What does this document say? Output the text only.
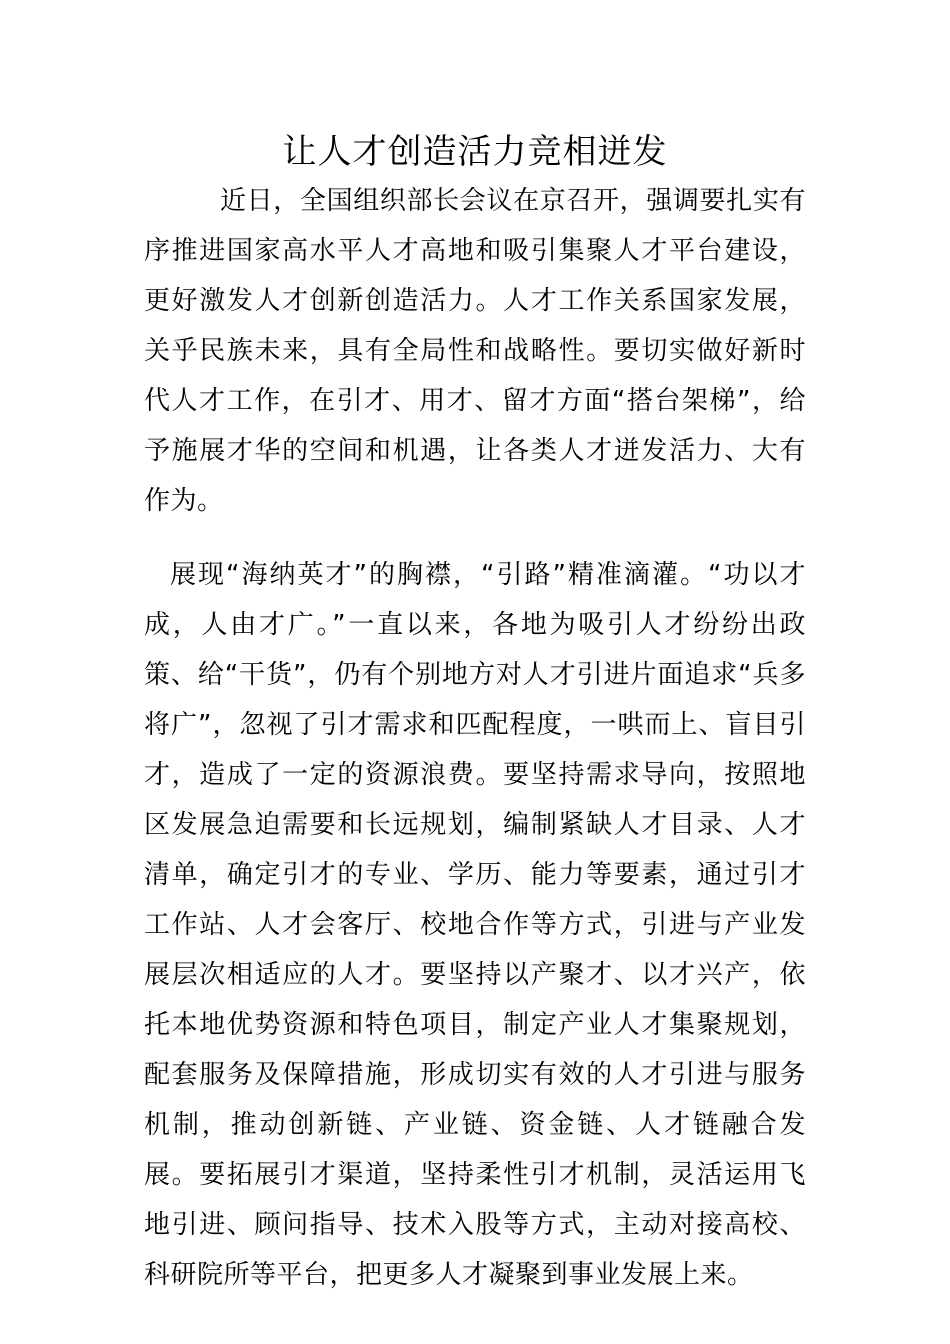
让人才创造活力竞相迸发

近日，全国组织部长会议在京召开，强调要扎实有序推进国家高水平人才高地和吸引集聚人才平台建设，更好激发人才创新创造活力。人才工作关系国家发展，关乎民族未来，具有全局性和战略性。要切实做好新时代人才工作，在引才、用才、留才方面“搭台架梯”，给予施展才华的空间和机遇，让各类人才迸发活力、大有作为。

展现“海纳英才”的胸襟，“引路”精准滴灌。“功以才成，人由才广。”一直以来，各地为吸引人才纷纷出政策、给“干货”，仍有个别地方对人才引进片面追求“兵多将广”，忽视了引才需求和匹配程度，一哄而上、盲目引才，造成了一定的资源浪费。要坚持需求导向，按照地区发展急迫需要和长远规划，编制紧缺人才目录、人才清单，确定引才的专业、学历、能力等要素，通过引才工作站、人才会客厅、校地合作等方式，引进与产业发展层次相适应的人才。要坚持以产聚才、以才兴产，依托本地优势资源和特色项目，制定产业人才集聚规划，配套服务及保障措施，形成切实有效的人才引进与服务机制，推动创新链、产业链、资金链、人才链融合发展。要拓展引才渠道，坚持柔性引才机制，灵活运用飞地引进、顾问指导、技术入股等方式，主动对接高校、科研院所等平台，把更多人才凝聚到事业发展上来。
